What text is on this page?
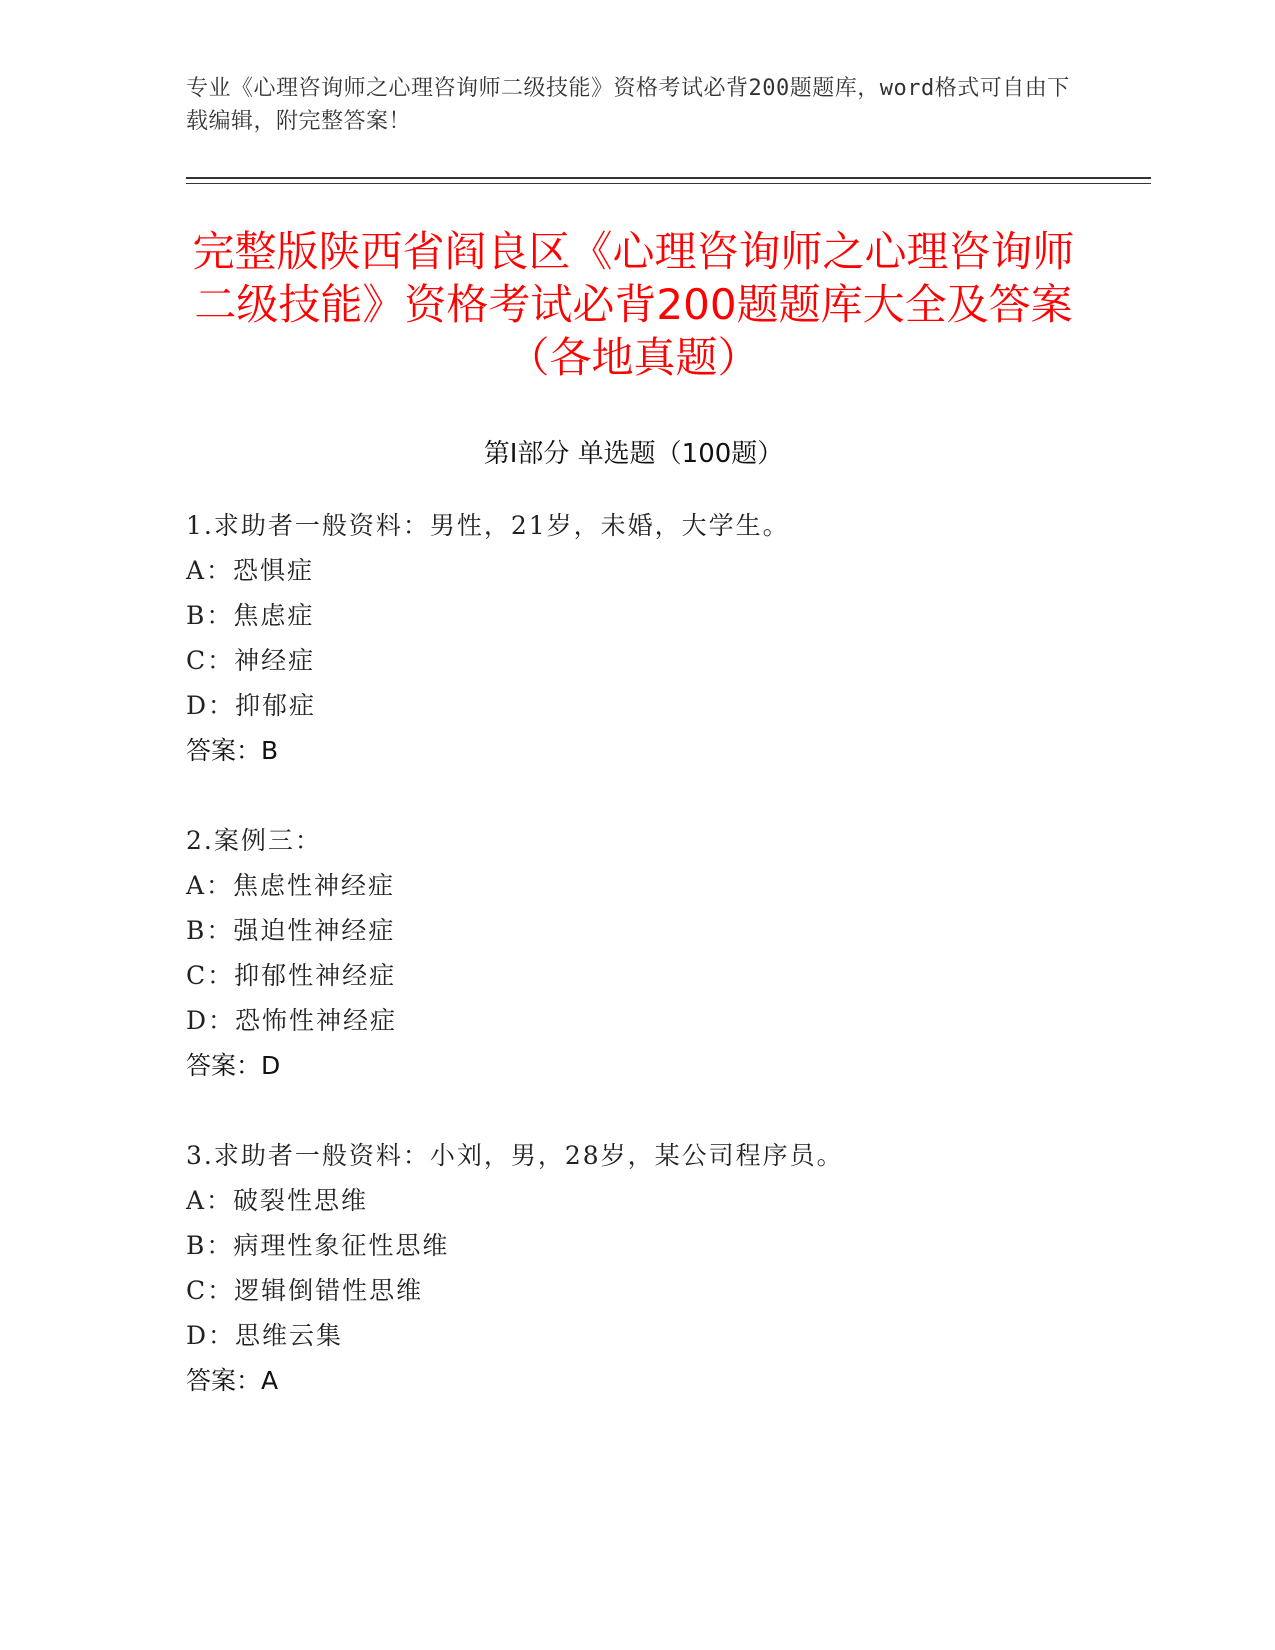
专业《心理咨询师之心理咨询师二级技能》资格考试必背200题题库，word格式可自由下载编辑，附完整答案！
完整版陕西省阎良区《心理咨询师之心理咨询师二级技能》资格考试必背200题题库大全及答案（各地真题）
第I部分 单选题（100题）
1.求助者一般资料：男性，21岁，未婚，大学生。
A：恐惧症
B：焦虑症
C：神经症
D：抑郁症
答案：B
2.案例三：
A：焦虑性神经症
B：强迫性神经症
C：抑郁性神经症
D：恐怖性神经症
答案：D
3.求助者一般资料：小刘，男，28岁，某公司程序员。
A：破裂性思维
B：病理性象征性思维
C：逻辑倒错性思维
D：思维云集
答案：A
